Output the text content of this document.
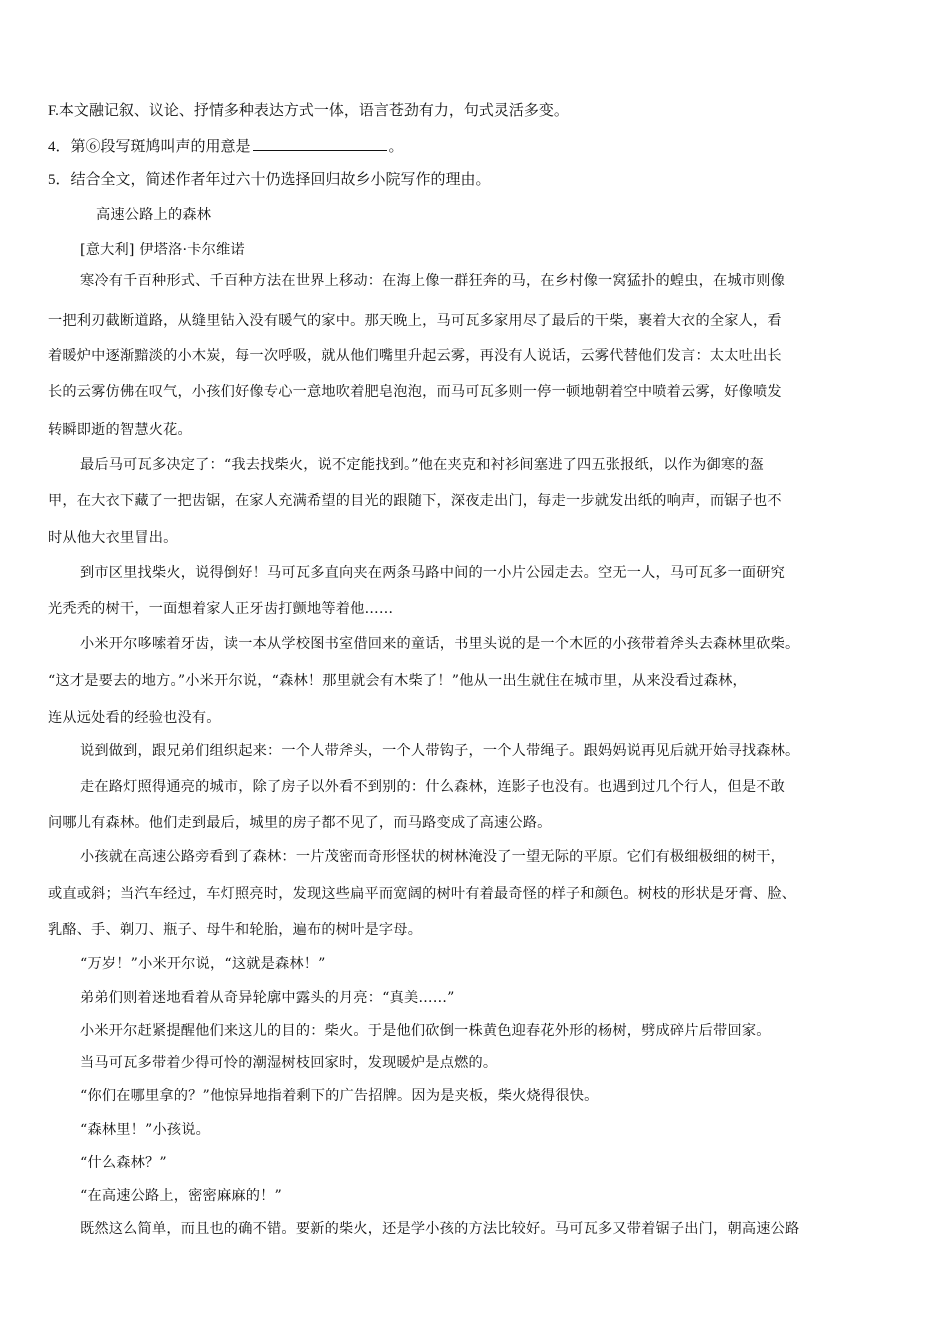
F.本文融记叙、议论、抒情多种表达方式一体，语言苍劲有力，句式灵活多变。
4．第⑥段写斑鸠叫声的用意是	。
5．结合全文，简述作者年过六十仍选择回归故乡小院写作的理由。
高速公路上的森林
[意大利] 伊塔洛·卡尔维诺
寒冷有千百种形式、千百种方法在世界上移动：在海上像一群狂奔的马，在乡村像一窝猛扑的蝗虫，在城市则像
一把利刃截断道路，从缝里钻入没有暖气的家中。那天晚上，马可瓦多家用尽了最后的干柴，裹着大衣的全家人，看
着暖炉中逐渐黯淡的小木炭，每一次呼吸，就从他们嘴里升起云雾，再没有人说话，云雾代替他们发言：太太吐出长
长的云雾仿佛在叹气，小孩们好像专心一意地吹着肥皂泡泡，而马可瓦多则一停一顿地朝着空中喷着云雾，好像喷发
转瞬即逝的智慧火花。
最后马可瓦多决定了：“我去找柴火，说不定能找到。”他在夹克和衬衫间塞进了四五张报纸，以作为御寒的盔
甲，在大衣下藏了一把齿锯，在家人充满希望的目光的跟随下，深夜走出门，每走一步就发出纸的响声，而锯子也不
时从他大衣里冒出。
到市区里找柴火，说得倒好！马可瓦多直向夹在两条马路中间的一小片公园走去。空无一人，马可瓦多一面研究
光秃秃的树干，一面想着家人正牙齿打颤地等着他……
小米开尔哆嗦着牙齿，读一本从学校图书室借回来的童话，书里头说的是一个木匠的小孩带着斧头去森林里砍柴。
“这才是要去的地方。”小米开尔说，“森林！那里就会有木柴了！”他从一出生就住在城市里，从来没看过森林，
连从远处看的经验也没有。
说到做到，跟兄弟们组织起来：一个人带斧头，一个人带钩子，一个人带绳子。跟妈妈说再见后就开始寻找森林。
走在路灯照得通亮的城市，除了房子以外看不到别的：什么森林，连影子也没有。也遇到过几个行人，但是不敢
问哪儿有森林。他们走到最后，城里的房子都不见了，而马路变成了高速公路。
小孩就在高速公路旁看到了森林：一片茂密而奇形怪状的树林淹没了一望无际的平原。它们有极细极细的树干，
或直或斜；当汽车经过，车灯照亮时，发现这些扁平而宽阔的树叶有着最奇怪的样子和颜色。树枝的形状是牙膏、脸、
乳酪、手、剃刀、瓶子、母牛和轮胎，遍布的树叶是字母。
“万岁！”小米开尔说，“这就是森林！”
弟弟们则着迷地看着从奇异轮廓中露头的月亮：“真美……”
小米开尔赶紧提醒他们来这儿的目的：柴火。于是他们砍倒一株黄色迎春花外形的杨树，劈成碎片后带回家。
当马可瓦多带着少得可怜的潮湿树枝回家时，发现暖炉是点燃的。
“你们在哪里拿的？”他惊异地指着剩下的广告招牌。因为是夹板，柴火烧得很快。
“森林里！”小孩说。
“什么森林？”
“在高速公路上，密密麻麻的！”
既然这么简单，而且也的确不错。要新的柴火，还是学小孩的方法比较好。马可瓦多又带着锯子出门，朝高速公路
